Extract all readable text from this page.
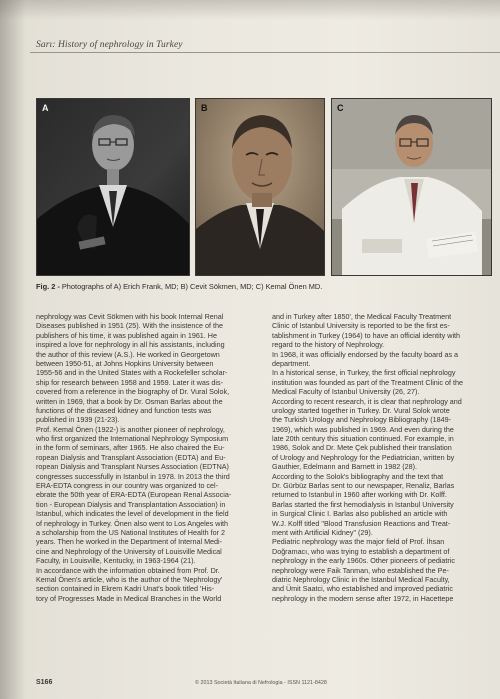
Sarı: History of nephrology in Turkey
A	B	C
Fig. 2 - Photographs of A) Erich Frank, MD; B) Cevit Sökmen, MD; C) Kemal Önen MD.
nephrology was Cevit Sökmen with his book Internal Renal
Diseases published in 1951 (25). With the insistence of the
publishers of his time, it was published again in 1961. He
inspired a love for nephrology in all his assistants, including
the author of this review (A.S.). He worked in Georgetown
between 1950-51, at Johns Hopkins University between
1955-56 and in the United States with a Rockefeller scholar-
ship for research between 1958 and 1959. Later it was dis-
covered from a reference in the biography of Dr. Vural Solok,
written in 1969, that a book by Dr. Osman Barlas about the
functions of the diseased kidney and function tests was
published in 1939 (21-23).
Prof. Kemal Önen (1922-) is another pioneer of nephrology,
who first organized the International Nephrology Symposium
in the form of seminars, after 1965. He also chaired the Eu-
ropean Dialysis and Transplant Association (EDTA) and Eu-
ropean Dialysis and Transplant Nurses Association (EDTNA)
congresses successfully in Istanbul in 1978. In 2013 the third
ERA-EDTA congress in our country was organized to cel-
ebrate the 50th year of ERA-EDTA (European Renal Associa-
tion - European Dialysis and Transplantation Association) in
Istanbul, which indicates the level of development in the field
of nephrology in Turkey. Önen also went to Los Angeles with
a scholarship from the US National Institutes of Health for 2
years. Then he worked in the Department of Internal Medi-
cine and Nephrology of the University of Louisville Medical
Faculty, in Louisville, Kentucky, in 1963-1964 (21).
In accordance with the information obtained from Prof. Dr.
Kemal Önen's article, who is the author of the 'Nephrology'
section contained in Ekrem Kadri Unat's book titled 'His-
tory of Progresses Made in Medical Branches in the World
and in Turkey after 1850', the Medical Faculty Treatment
Clinic of Istanbul University is reported to be the first es-
tablishment in Turkey (1964) to have an official identity with
regard to the history of Nephrology.
In 1968, it was officially endorsed by the faculty board as a
department.
In a historical sense, in Turkey, the first official nephrology
institution was founded as part of the Treatment Clinic of the
Medical Faculty of Istanbul University (26, 27).
According to recent research, it is clear that nephrology and
urology started together in Turkey. Dr. Vural Solok wrote
the Turkish Urology and Nephrology Bibliography (1849-
1969), which was published in 1969. And even during the
late 20th century this situation continued. For example, in
1986, Solok and Dr. Mete Çek published their translation
of Urology and Nephrology for the Pediatrician, written by
Gauthier, Edelmann and Barnett in 1982 (28).
According to the Solok's bibliography and the text that
Dr. Gürbüz Barlas sent to our newspaper, Renaliz, Barlas
returned to Istanbul in 1960 after working with Dr. Kolff.
Barlas started the first hemodialysis in Istanbul University
in Surgical Clinic I. Barlas also published an article with
W.J. Kolff titled "Blood Transfusion Reactions and Treat-
ment with Artificial Kidney" (29).
Pediatric nephrology was the major field of Prof. İhsan
Doğramacı, who was trying to establish a department of
nephrology in the early 1960s. Other pioneers of pediatric
nephrology were Faik Tanman, who established the Pe-
diatric Nephrology Clinic in the Istanbul Medical Faculty,
and Ümit Saatci, who established and improved pediatric
nephrology in the modern sense after 1972, in Hacettepe
S166	© 2013 Società Italiana di Nefrologia - ISSN 1121-8428
